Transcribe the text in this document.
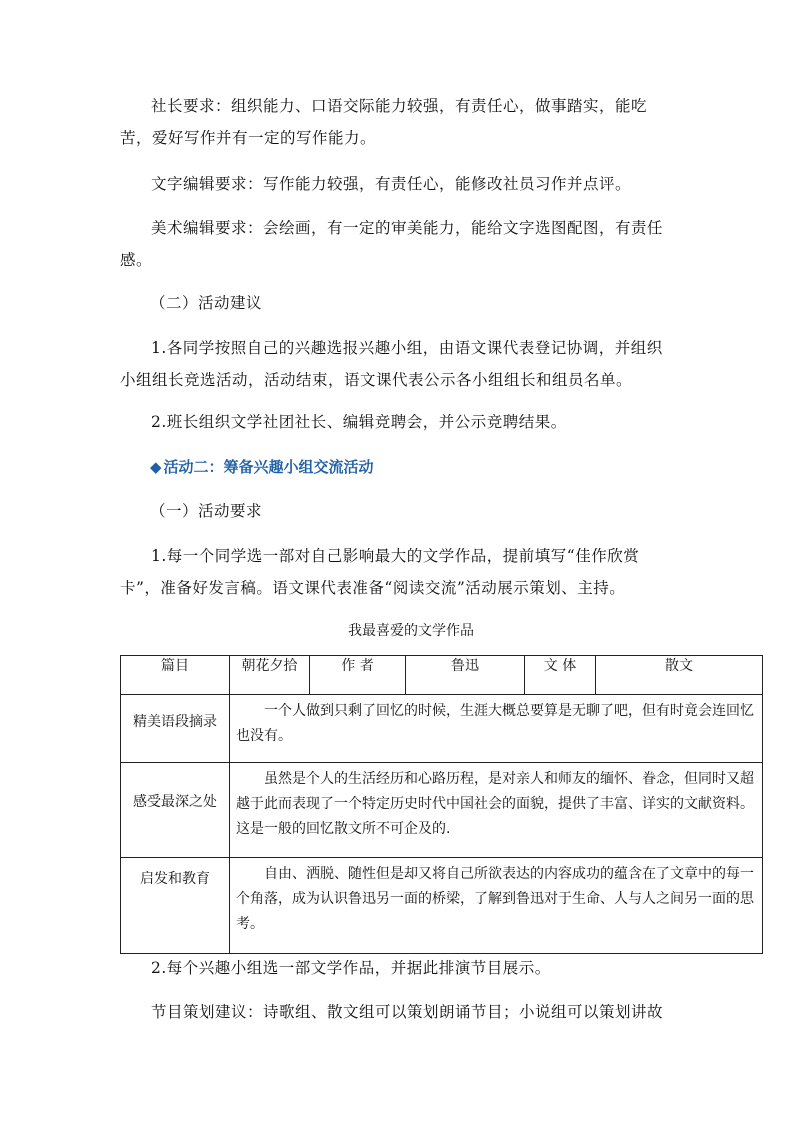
社长要求：组织能力、口语交际能力较强，有责任心，做事踏实，能吃苦，爱好写作并有一定的写作能力。

文字编辑要求：写作能力较强，有责任心，能修改社员习作并点评。

美术编辑要求：会绘画，有一定的审美能力，能给文字选图配图，有责任感。

（二）活动建议

1.各同学按照自己的兴趣选报兴趣小组，由语文课代表登记协调，并组织小组组长竞选活动，活动结束，语文课代表公示各小组组长和组员名单。

2.班长组织文学社团社长、编辑竞聘会，并公示竞聘结果。

◆ 活动二：筹备兴趣小组交流活动

（一）活动要求

1.每一个同学选一部对自己影响最大的文学作品，提前填写“佳作欣赏卡”，准备好发言稿。语文课代表准备“阅读交流”活动展示策划、主持。

我最喜爱的文学作品

篇目	朝花夕拾	作 者	鲁迅	文 体	散文
精美语段摘录	一个人做到只剩了回忆的时候，生涯大概总要算是无聊了吧，但有时竟会连回忆也没有。				

感受最深之处	虽然是个人的生活经历和心路历程，是对亲人和师友的缅怀、眷念，但同时又超越于此而表现了一个特定历史时代中国社会的面貌，提供了丰富、详实的文献资料。这是一般的回忆散文所不可企及的.				

启发和教育	自由、洒脱、随性但是却又将自己所欲表达的内容成功的蕴含在了文章中的每一个角落，成为认识鲁迅另一面的桥梁，了解到鲁迅对于生命、人与人之间另一面的思考。				

2.每个兴趣小组选一部文学作品，并据此排演节目展示。

节目策划建议：诗歌组、散文组可以策划朗诵节目；小说组可以策划讲故
